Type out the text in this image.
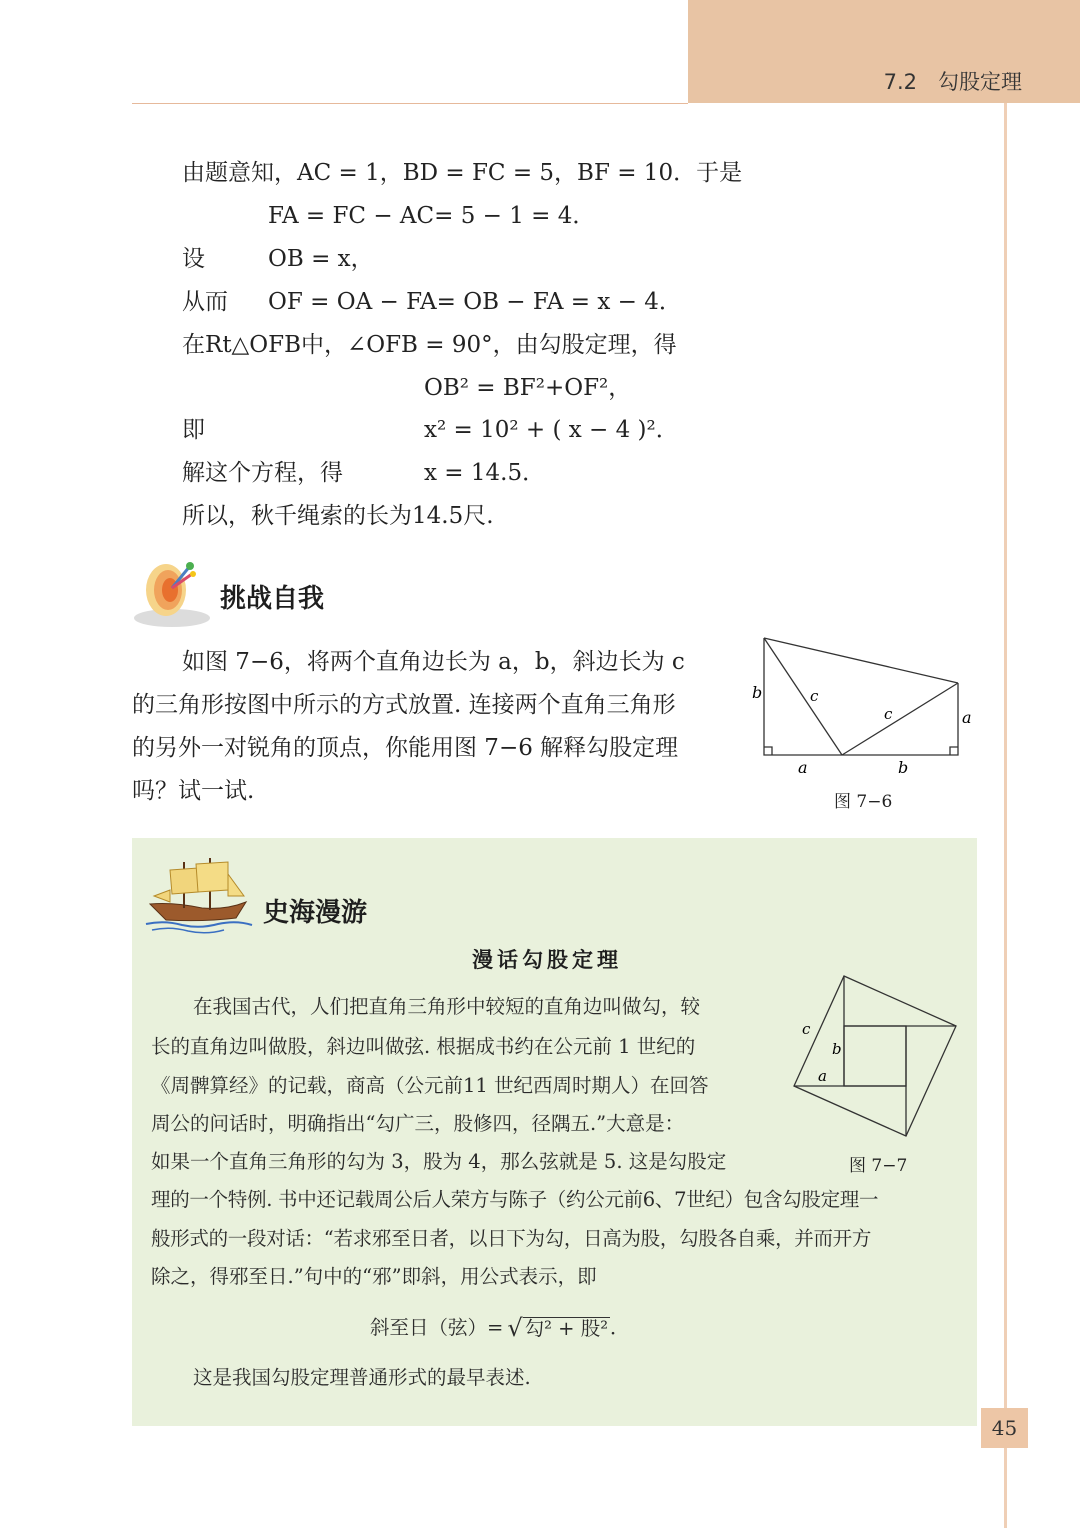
7.2　勾股定理
由题意知，AC = 1，BD = FC = 5，BF = 10．于是
FA = FC − AC= 5 − 1 = 4．
设	OB = x，
从而 OF = OA − FA= OB − FA = x − 4．
在Rt△OFB中，∠OFB = 90°，由勾股定理，得
OB² = BF²+OF²，
即	x² = 10² + ( x − 4 )²．
解这个方程，得	x = 14.5．
所以，秋千绳索的长为14.5尺.
挑战自我
如图 7−6，将两个直角边长为 a，b，斜边长为 c
的三角形按图中所示的方式放置. 连接两个直角三角形
的另外一对锐角的顶点，你能用图 7−6 解释勾股定理
吗？试一试.
b	c
c	a
a	b
图 7−6
史海漫游
漫话勾股定理
在我国古代，人们把直角三角形中较短的直角边叫做勾，较
长的直角边叫做股，斜边叫做弦. 根据成书约在公元前 1 世纪的
《周髀算经》的记载，商高（公元前11 世纪西周时期人）在回答
周公的问话时，明确指出“勾广三，股修四，径隅五.”大意是：
如果一个直角三角形的勾为 3，股为 4，那么弦就是 5. 这是勾股定
理的一个特例. 书中还记载周公后人荣方与陈子（约公元前6、7世纪）包含勾股定理一
般形式的一段对话：“若求邪至日者，以日下为勾，日高为股，勾股各自乘，并而开方
除之，得邪至日.”句中的“邪”即斜，用公式表示，即
斜至日（弦）= √ 勾² + 股² ．
这是我国勾股定理普通形式的最早表述.
c
b
a
图 7−7
45
